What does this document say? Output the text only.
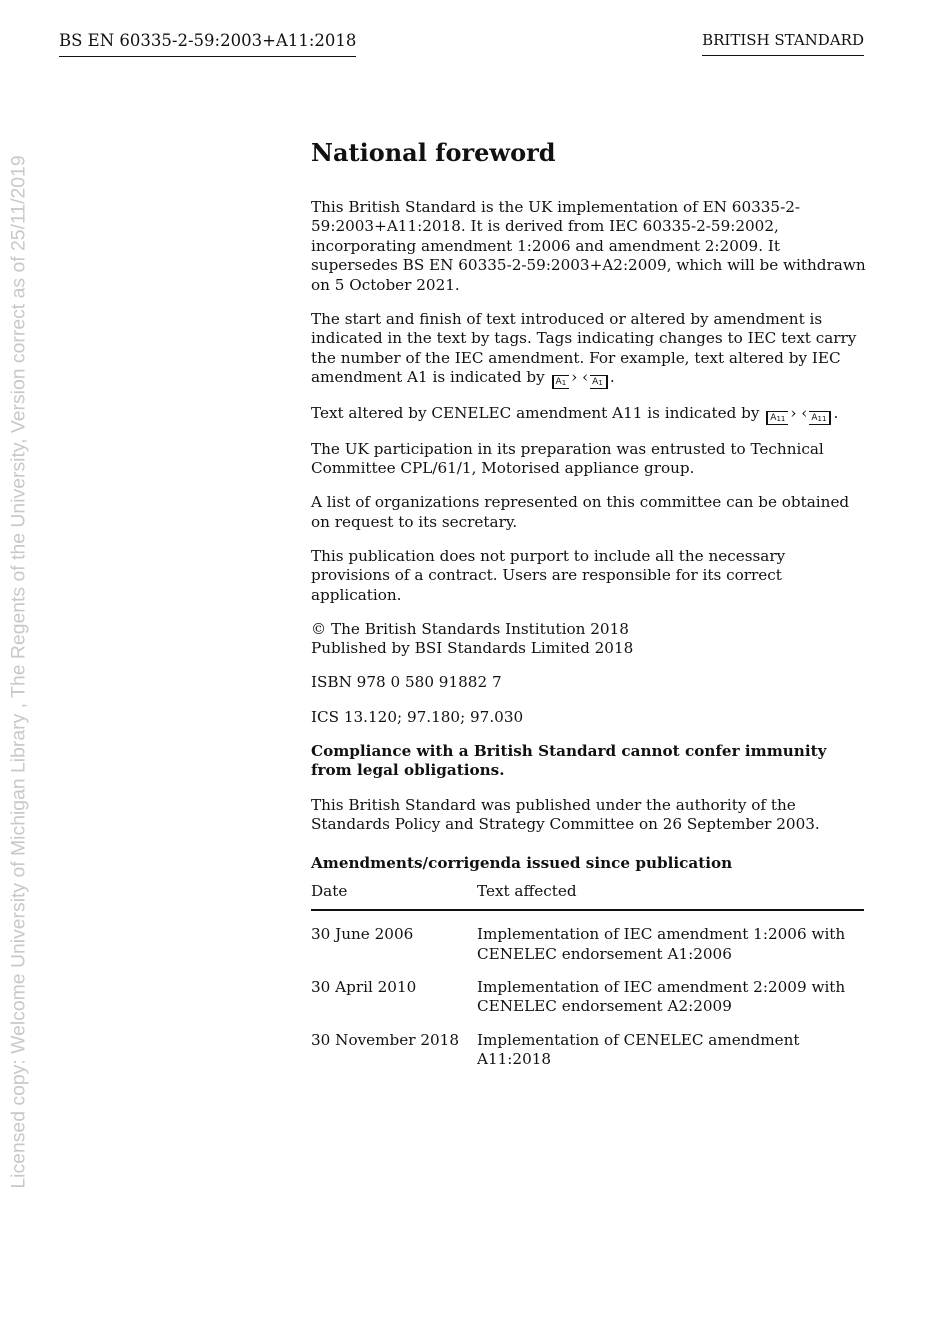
BS EN 60335-2-59:2003+A11:2018	BRITISH STANDARD
Licensed copy: Welcome University of Michigan Library , The Regents of the University, Version correct as of 25/11/2019
National foreword

This British Standard is the UK implementation of EN 60335-2-59:2003+A11:2018. It is derived from IEC 60335-2-59:2002, incorporating amendment 1:2006 and amendment 2:2009. It supersedes BS EN 60335-2-59:2003+A2:2009, which will be withdrawn on 5 October 2021.

The start and finish of text introduced or altered by amendment is indicated in the text by tags. Tags indicating changes to IEC text carry the number of the IEC amendment. For example, text altered by IEC amendment A1 is indicated by $A_1$ › ‹ $A_1$ .

Text altered by CENELEC amendment A11 is indicated by $A_{11}$ › ‹ $A_{11}$ .

The UK participation in its preparation was entrusted to Technical Committee CPL/61/1, Motorised appliance group.

A list of organizations represented on this committee can be obtained on request to its secretary.

This publication does not purport to include all the necessary provisions of a contract. Users are responsible for its correct application.

© The British Standards Institution 2018
Published by BSI Standards Limited 2018

ISBN 978 0 580 91882 7

ICS 13.120; 97.180; 97.030

Compliance with a British Standard cannot confer immunity from legal obligations.

This British Standard was published under the authority of the Standards Policy and Strategy Committee on 26 September 2003.

Amendments/corrigenda issued since publication
Date	Text affected
30 June 2006	Implementation of IEC amendment 1:2006 with CENELEC endorsement A1:2006
30 April 2010	Implementation of IEC amendment 2:2009 with CENELEC endorsement A2:2009
30 November 2018	Implementation of CENELEC amendment A11:2018
